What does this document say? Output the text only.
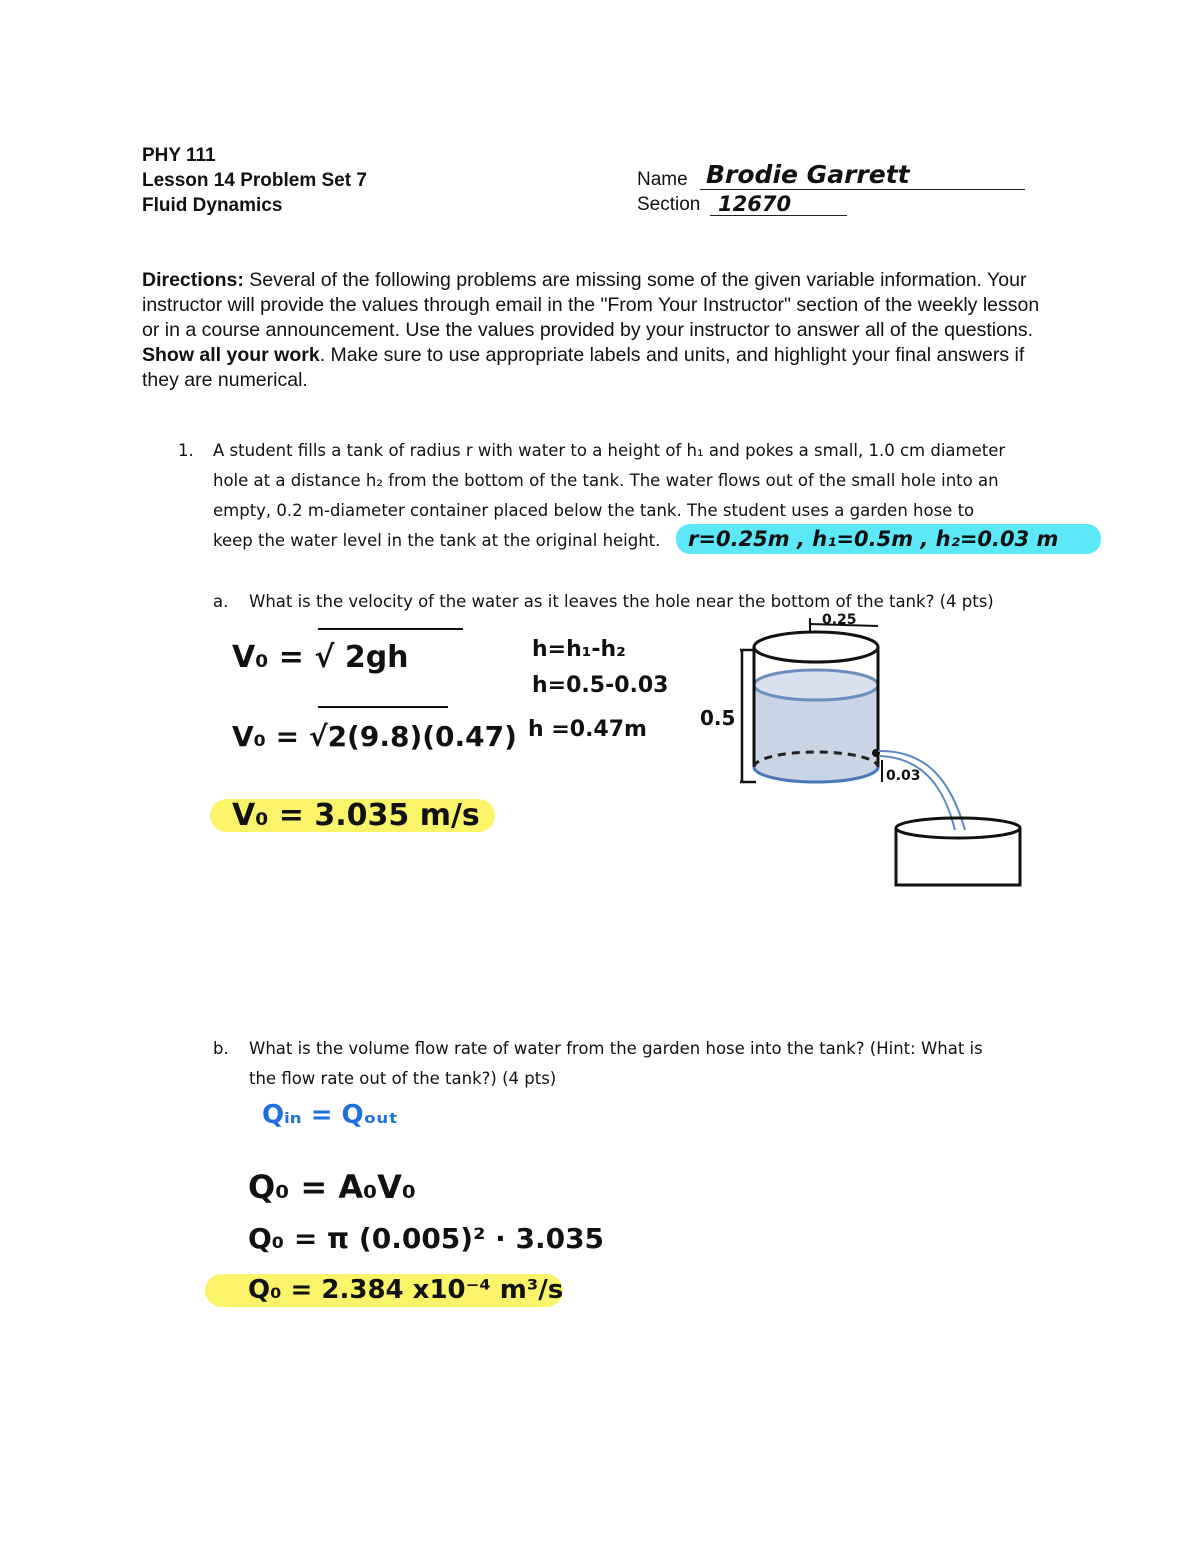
PHY 111
Lesson 14 Problem Set 7
Fluid Dynamics
Name Brodie Garrett
Section 12670
Directions: Several of the following problems are missing some of the given variable information. Your instructor will provide the values through email in the "From Your Instructor" section of the weekly lesson or in a course announcement. Use the values provided by your instructor to answer all of the questions. Show all your work. Make sure to use appropriate labels and units, and highlight your final answers if they are numerical.
1. A student fills a tank of radius r with water to a height of h₁ and pokes a small, 1.0 cm diameter
hole at a distance h₂ from the bottom of the tank. The water flows out of the small hole into an
empty, 0.2 m-diameter container placed below the tank. The student uses a garden hose to
keep the water level in the tank at the original height. r=0.25m , h₁=0.5m , h₂=0.03 m
a. What is the velocity of the water as it leaves the hole near the bottom of the tank? (4 pts)
V₀ = √ 2gh
V₀ = √2(9.8)(0.47)
V₀ = 3.035 m/s
h=h₁-h₂
h=0.5-0.03
h =0.47m
0.25
0.5
0.03
b. What is the volume flow rate of water from the garden hose into the tank? (Hint: What is
the flow rate out of the tank?) (4 pts)
Qᵢₙ = Qₒᵤₜ
Q₀ = A₀V₀
Q₀ = π (0.005)² · 3.035
Q₀ = 2.384 x10⁻⁴ m³/s
